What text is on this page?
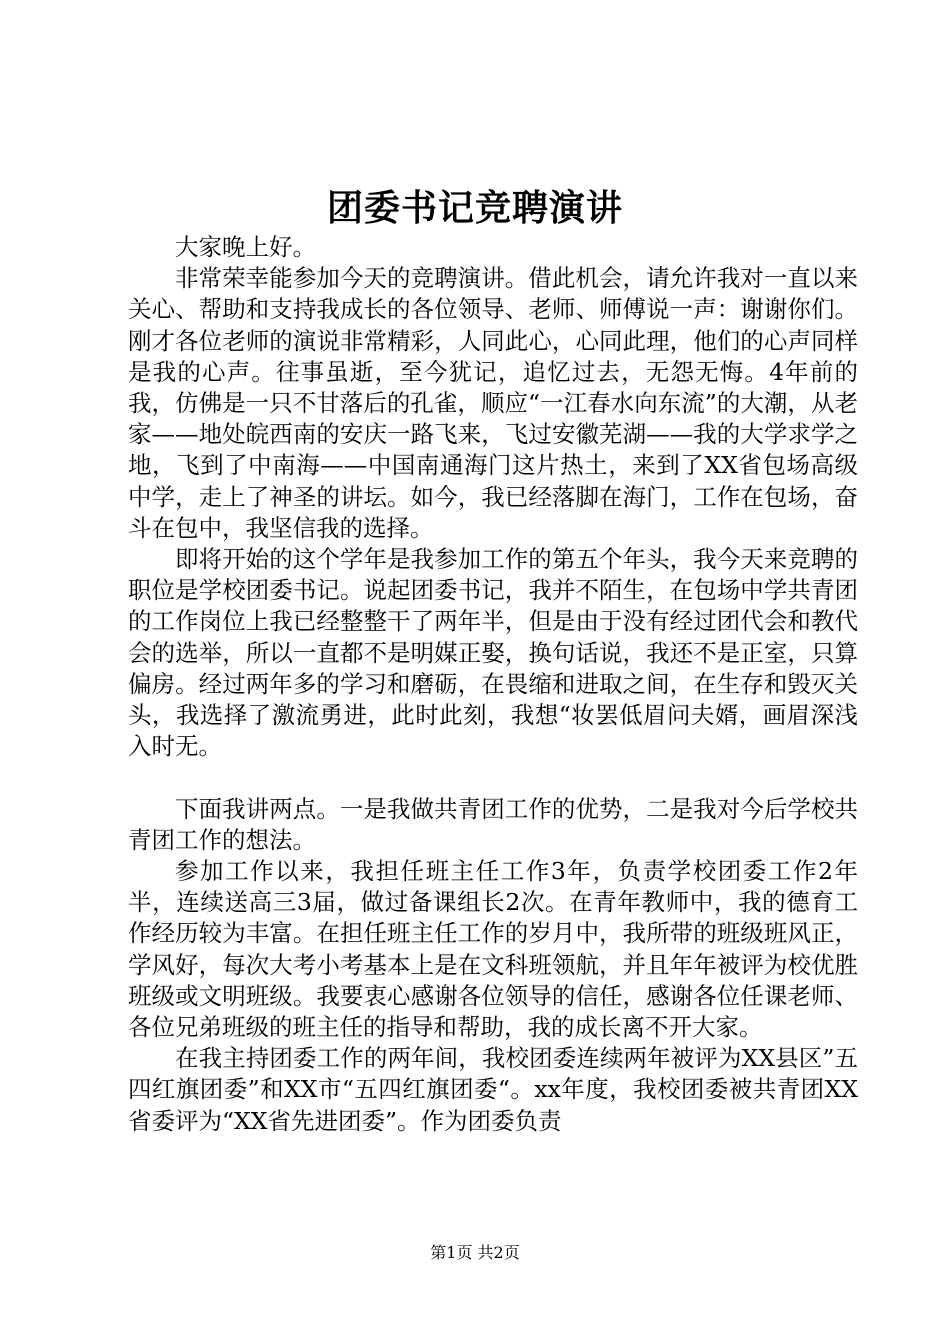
团委书记竞聘演讲

大家晚上好。

非常荣幸能参加今天的竞聘演讲。借此机会，请允许我对一直以来关心、帮助和支持我成长的各位领导、老师、师傅说一声：谢谢你们。刚才各位老师的演说非常精彩，人同此心，心同此理，他们的心声同样是我的心声。往事虽逝，至今犹记，追忆过去，无怨无悔。4年前的我，仿佛是一只不甘落后的孔雀，顺应“一江春水向东流”的大潮，从老家——地处皖西南的安庆一路飞来，飞过安徽芜湖——我的大学求学之地，飞到了中南海——中国南通海门这片热土，来到了XX省包场高级中学，走上了神圣的讲坛。如今，我已经落脚在海门，工作在包场，奋斗在包中，我坚信我的选择。

即将开始的这个学年是我参加工作的第五个年头，我今天来竞聘的职位是学校团委书记。说起团委书记，我并不陌生，在包场中学共青团的工作岗位上我已经整整干了两年半，但是由于没有经过团代会和教代会的选举，所以一直都不是明媒正娶，换句话说，我还不是正室，只算偏房。经过两年多的学习和磨砺，在畏缩和进取之间，在生存和毁灭关头，我选择了激流勇进，此时此刻，我想“妆罢低眉问夫婿，画眉深浅入时无。

下面我讲两点。一是我做共青团工作的优势，二是我对今后学校共青团工作的想法。

参加工作以来，我担任班主任工作3年，负责学校团委工作2年半，连续送高三3届，做过备课组长2次。在青年教师中，我的德育工作经历较为丰富。在担任班主任工作的岁月中，我所带的班级班风正，学风好，每次大考小考基本上是在文科班领航，并且年年被评为校优胜班级或文明班级。我要衷心感谢各位领导的信任，感谢各位任课老师、各位兄弟班级的班主任的指导和帮助，我的成长离不开大家。

在我主持团委工作的两年间，我校团委连续两年被评为XX县区”五四红旗团委”和XX市“五四红旗团委“。xx年度，我校团委被共青团XX省委评为“XX省先进团委”。作为团委负责

第1页 共2页
